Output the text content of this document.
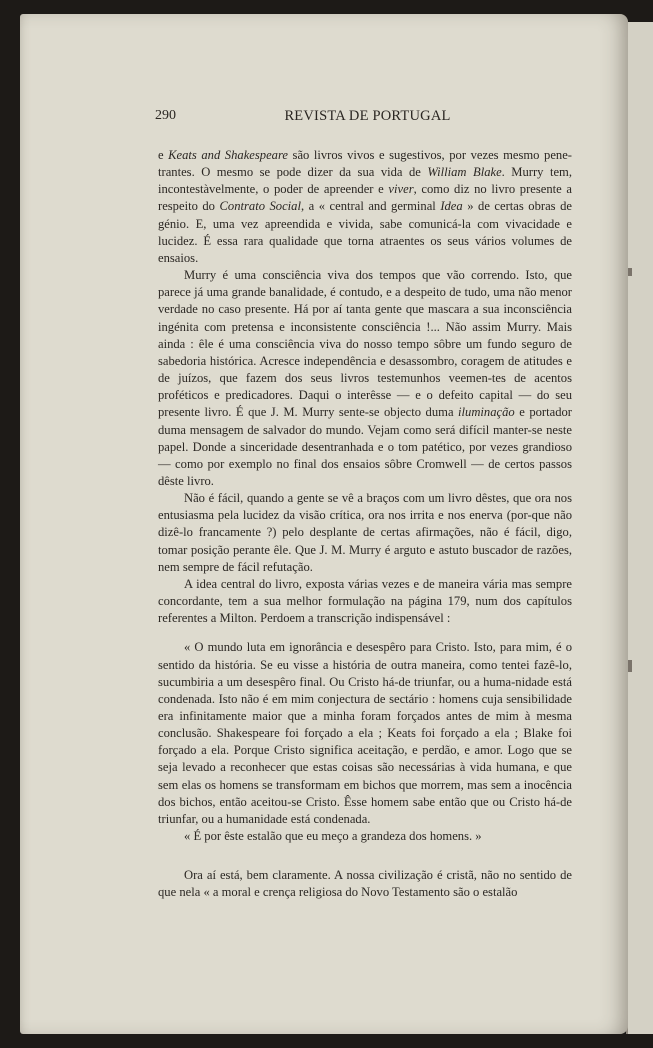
290	REVISTA DE PORTUGAL

e Keats and Shakespeare são livros vivos e sugestivos, por vezes mesmo pene-trantes. O mesmo se pode dizer da sua vida de William Blake. Murry tem, incontestàvelmente, o poder de apreender e viver, como diz no livro presente a respeito do Contrato Social, a « central and germinal Idea » de certas obras de génio. E, uma vez apreendida e vivida, sabe comunicá-la com vivacidade e lucidez. É essa rara qualidade que torna atraentes os seus vários volumes de ensaios.

Murry é uma consciência viva dos tempos que vão correndo. Isto, que parece já uma grande banalidade, é contudo, e a despeito de tudo, uma não menor verdade no caso presente. Há por aí tanta gente que mascara a sua inconsciência ingénita com pretensa e inconsistente consciência !... Não assim Murry. Mais ainda : êle é uma consciência viva do nosso tempo sôbre um fundo seguro de sabedoria histórica. Acresce independência e desassombro, coragem de atitudes e de juízos, que fazem dos seus livros testemunhos veemen-tes de acentos proféticos e predicadores. Daqui o interêsse — e o defeito capital — do seu presente livro. É que J. M. Murry sente-se objecto duma iluminação e portador duma mensagem de salvador do mundo. Vejam como será difícil manter-se neste papel. Donde a sinceridade desentranhada e o tom patético, por vezes grandioso — como por exemplo no final dos ensaios sôbre Cromwell — de certos passos dêste livro.

Não é fácil, quando a gente se vê a braços com um livro dêstes, que ora nos entusiasma pela lucidez da visão crítica, ora nos irrita e nos enerva (por-que não dizê-lo francamente ?) pelo desplante de certas afirmações, não é fácil, digo, tomar posição perante êle. Que J. M. Murry é arguto e astuto buscador de razões, nem sempre de fácil refutação.

A idea central do livro, exposta várias vezes e de maneira vária mas sempre concordante, tem a sua melhor formulação na página 179, num dos capítulos referentes a Milton. Perdoem a transcrição indispensável :

« O mundo luta em ignorância e desespêro para Cristo. Isto, para mim, é o sentido da história. Se eu visse a história de outra maneira, como tentei fazê-lo, sucumbiria a um desespêro final. Ou Cristo há-de triunfar, ou a huma-nidade está condenada. Isto não é em mim conjectura de sectário : homens cuja sensibilidade era infinitamente maior que a minha foram forçados antes de mim à mesma conclusão. Shakespeare foi forçado a ela ; Keats foi forçado a ela ; Blake foi forçado a ela. Porque Cristo significa aceitação, e perdão, e amor. Logo que se seja levado a reconhecer que estas coisas são necessárias à vida humana, e que sem elas os homens se transformam em bichos que morrem, mas sem a inocência dos bichos, então aceitou-se Cristo. Êsse homem sabe então que ou Cristo há-de triunfar, ou a humanidade está condenada.

« É por êste estalão que eu meço a grandeza dos homens. »

Ora aí está, bem claramente. A nossa civilização é cristã, não no sentido de que nela « a moral e crença religiosa do Novo Testamento são o estalão
